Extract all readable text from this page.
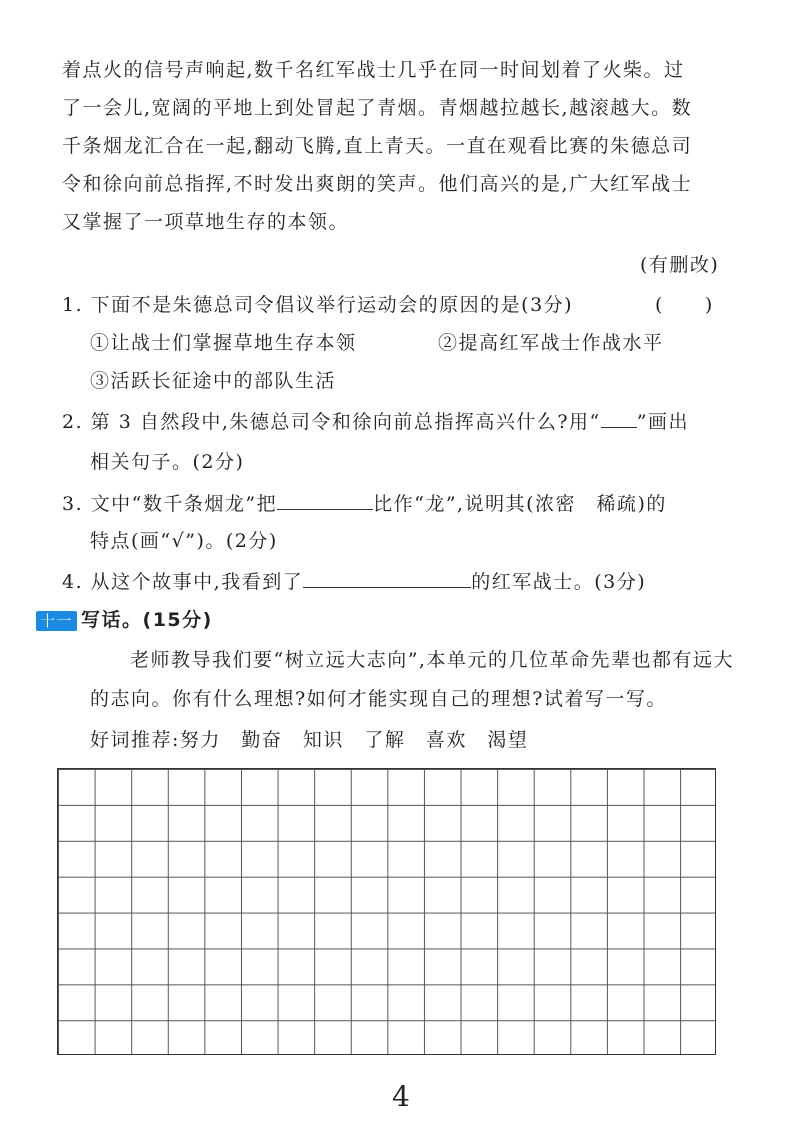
着点火的信号声响起,数千名红军战士几乎在同一时间划着了火柴。过
了一会儿,宽阔的平地上到处冒起了青烟。青烟越拉越长,越滚越大。数
千条烟龙汇合在一起,翻动飞腾,直上青天。一直在观看比赛的朱德总司
令和徐向前总指挥,不时发出爽朗的笑声。他们高兴的是,广大红军战士
又掌握了一项草地生存的本领。
(有删改)
1. 下面不是朱德总司令倡议举行运动会的原因的是(3分)	(　　)
①让战士们掌握草地生存本领	②提高红军战士作战水平
③活跃长征途中的部队生活
2. 第 3 自然段中,朱德总司令和徐向前总指挥高兴什么?用“ ”画出
相关句子。(2分)
3. 文中“数千条烟龙”把	比作“龙”,说明其(浓密　稀疏)的
特点(画“√”)。(2分)
4. 从这个故事中,我看到了	的红军战士。(3分)
十一 写话。(15分)
老师教导我们要“树立远大志向”,本单元的几位革命先辈也都有远大
的志向。你有什么理想?如何才能实现自己的理想?试着写一写。
好词推荐:努力　勤奋　知识　了解　喜欢　渴望
4
